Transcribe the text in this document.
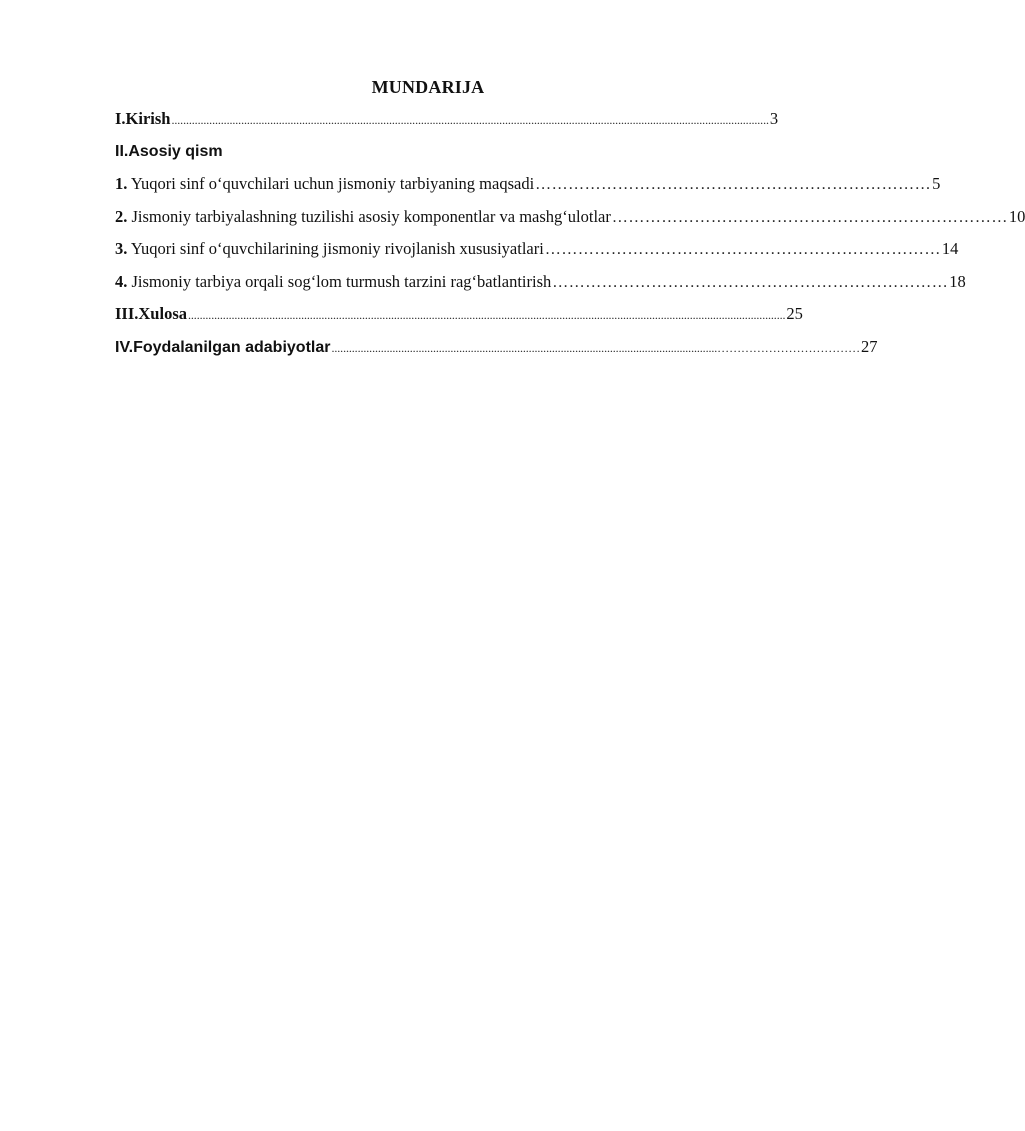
MUNDARIJA
I.Kirish .............................................................................................................................................................................................................. 3
II.Asosiy qism
1. Yuqori sinf o‘quvchilari uchun jismoniy tarbiyaning maqsadi ……………………………………………………………… 5
2. Jismoniy tarbiyalashning tuzilishi asosiy komponentlar va mashg‘ulotlar ……………………………………………………………… 10
3. Yuqori sinf o‘quvchilarining jismoniy rivojlanish xususiyatlari ……………………………………………………………… 14
4. Jismoniy tarbiya orqali sog‘lom turmush tarzini rag‘batlantirish ……………………………………………………………… 18
III.Xulosa .............................................................................................................................................................................................................. 25
IV.Foydalanilgan adabiyotlar .....................................................................................................................................……………………………… 27
